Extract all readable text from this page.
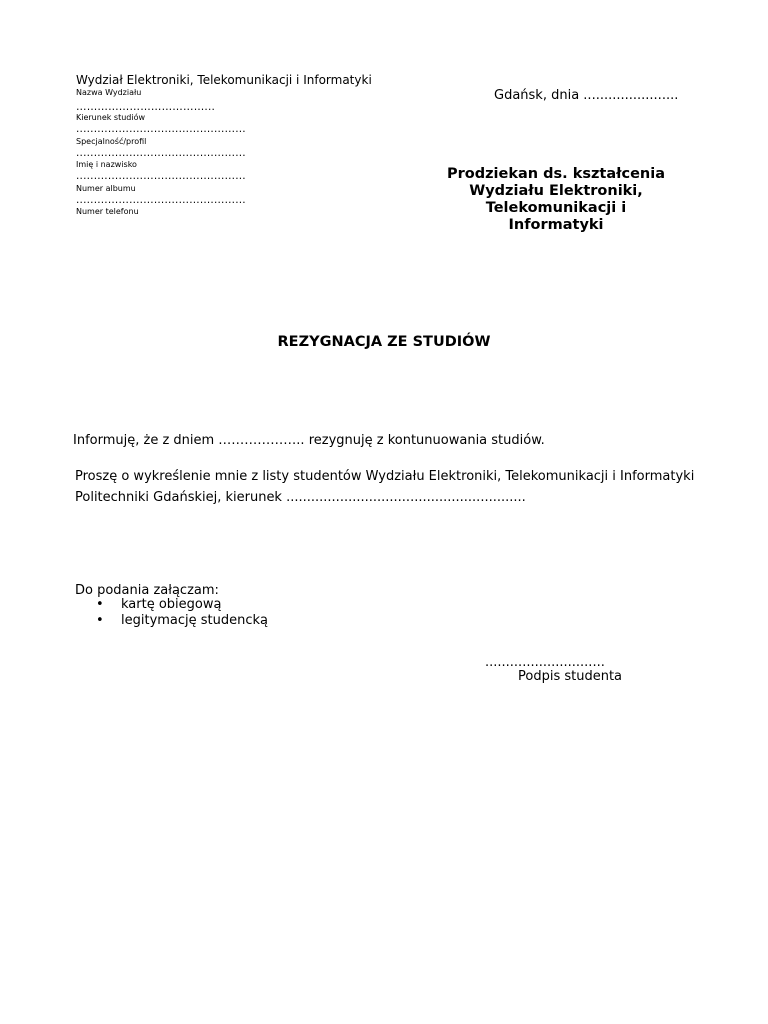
Wydział Elektroniki, Telekomunikacji i Informatyki
Nazwa Wydziału
………………………………...
Kierunek studiów
................................................
Specjalność/profil
................................................
Imię i nazwisko
................................................
Numer albumu
................................................
Numer telefonu
Gdańsk, dnia .......................
Prodziekan ds. kształcenia
Wydziału Elektroniki,
Telekomunikacji i
Informatyki
REZYGNACJA ZE STUDIÓW
Informuję, że z dniem ……………….. rezygnuję z kontunuowania studiów.
Proszę o wykreślenie mnie z listy studentów Wydziału Elektroniki, Telekomunikacji i Informatyki
Politechniki Gdańskiej, kierunek ..........................................................
Do podania załączam:
• kartę obiegową
• legitymację studencką
.............................
Podpis studenta
